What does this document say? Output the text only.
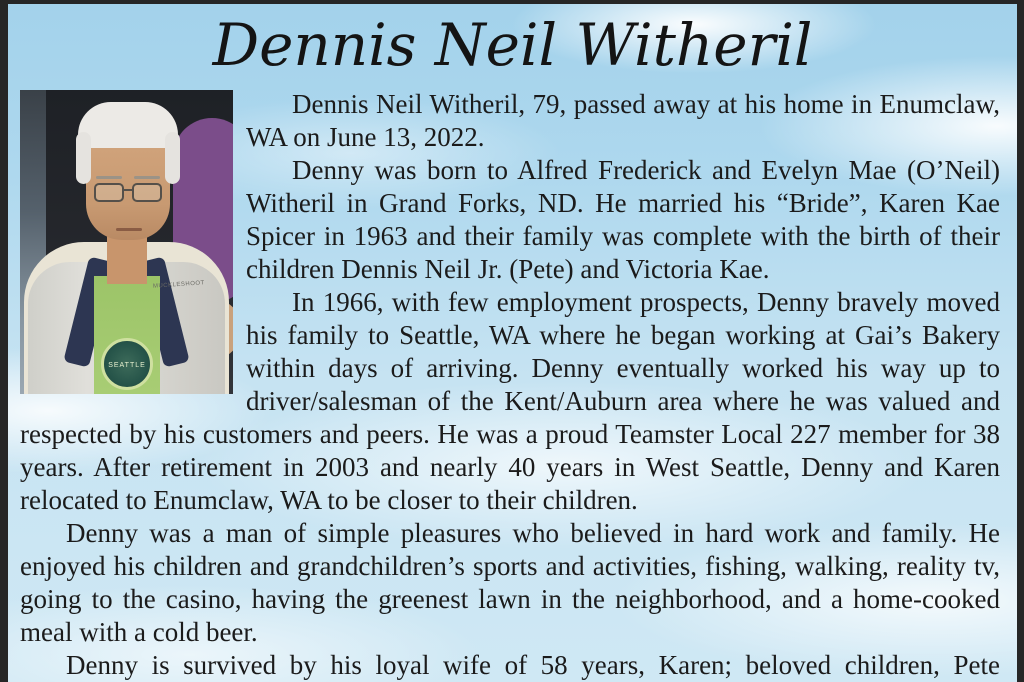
Dennis Neil Witheril
SEATTLE
MUCKLESHOOT

Dennis Neil Witheril, 79, passed away at his home in Enumclaw, WA on June 13, 2022.

Denny was born to Alfred Frederick and Evelyn Mae (O’Neil) Witheril in Grand Forks, ND. He married his “Bride”, Karen Kae Spicer in 1963 and their family was complete with the birth of their children Dennis Neil Jr. (Pete) and Victoria Kae.

In 1966, with few employment prospects, Denny bravely moved his family to Seattle, WA where he began working at Gai’s Bakery within days of arriving. Denny eventually worked his way up to driver/salesman of the Kent/Auburn area where he was valued and respected by his customers and peers. He was a proud Teamster Local 227 member for 38 years. After retirement in 2003 and nearly 40 years in West Seattle, Denny and Karen relocated to Enumclaw, WA to be closer to their children.

Denny was a man of simple pleasures who believed in hard work and family. He enjoyed his children and grandchildren’s sports and activities, fishing, walking, reality tv, going to the casino, having the greenest lawn in the neighborhood, and a home-cooked meal with a cold beer.

Denny is survived by his loyal wife of 58 years, Karen; beloved children, Pete
